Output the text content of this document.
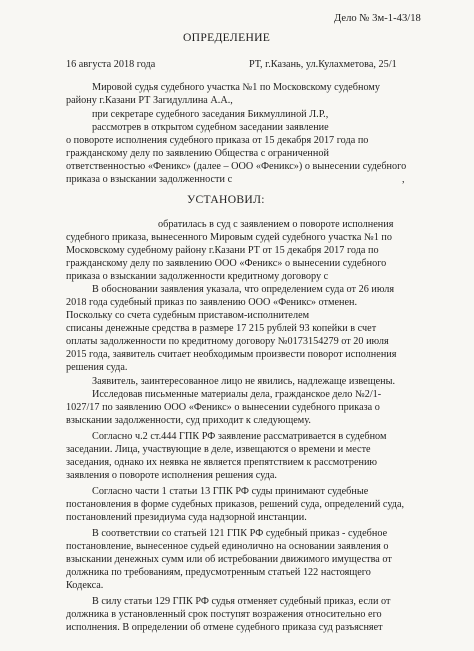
Дело № 3м-1-43/18
ОПРЕДЕЛЕНИЕ
16 августа 2018 года	РТ, г.Казань, ул.Кулахметова, 25/1
Мировой судья судебного участка №1 по Московскому судебному
району г.Казани РТ Загидуллина А.А.,
при секретаре судебного заседания Бикмуллиной Л.Р.,
рассмотрев в открытом судебном заседании заявление
о повороте исполнения судебного приказа от 15 декабря 2017 года по
гражданскому делу по заявлению Общества с ограниченной
ответственностью «Феникс» (далее – ООО «Феникс») о вынесении судебного
приказа о взыскании задолженности с	,
УСТАНОВИЛ:
обратилась в суд с заявлением о повороте исполнения
судебного приказа, вынесенного Мировым судей судебного участка №1 по
Московскому судебному району г.Казани РТ от 15 декабря 2017 года по
гражданскому делу по заявлению ООО «Феникс» о вынесении судебного
приказа о взыскании задолженности кредитному договору с
В обосновании заявления указала, что определением суда от 26 июля
2018 года судебный приказ по заявлению ООО «Феникс» отменен.
Поскольку со счета судебным приставом-исполнителем
списаны денежные средства в размере 17 215 рублей 93 копейки в счет
оплаты задолженности по кредитному договору №0173154279 от 20 июля
2015 года, заявитель считает необходимым произвести поворот исполнения
решения суда.
Заявитель, заинтересованное лицо не явились, надлежаще извещены.
Исследовав письменные материалы дела, гражданское дело №2/1-
1027/17 по заявлению ООО «Феникс» о вынесении судебного приказа о
взыскании задолженности, суд приходит к следующему.
Согласно ч.2 ст.444 ГПК РФ заявление рассматривается в судебном
заседании. Лица, участвующие в деле, извещаются о времени и месте
заседания, однако их неявка не является препятствием к рассмотрению
заявления о повороте исполнения решения суда.
Согласно части 1 статьи 13 ГПК РФ суды принимают судебные
постановления в форме судебных приказов, решений суда, определений суда,
постановлений президиума суда надзорной инстанции.
В соответствии со статьей 121 ГПК РФ судебный приказ - судебное
постановление, вынесенное судьей единолично на основании заявления о
взыскании денежных сумм или об истребовании движимого имущества от
должника по требованиям, предусмотренным статьей 122 настоящего
Кодекса.
В силу статьи 129 ГПК РФ судья отменяет судебный приказ, если от
должника в установленный срок поступят возражения относительно его
исполнения. В определении об отмене судебного приказа суд разъясняет
